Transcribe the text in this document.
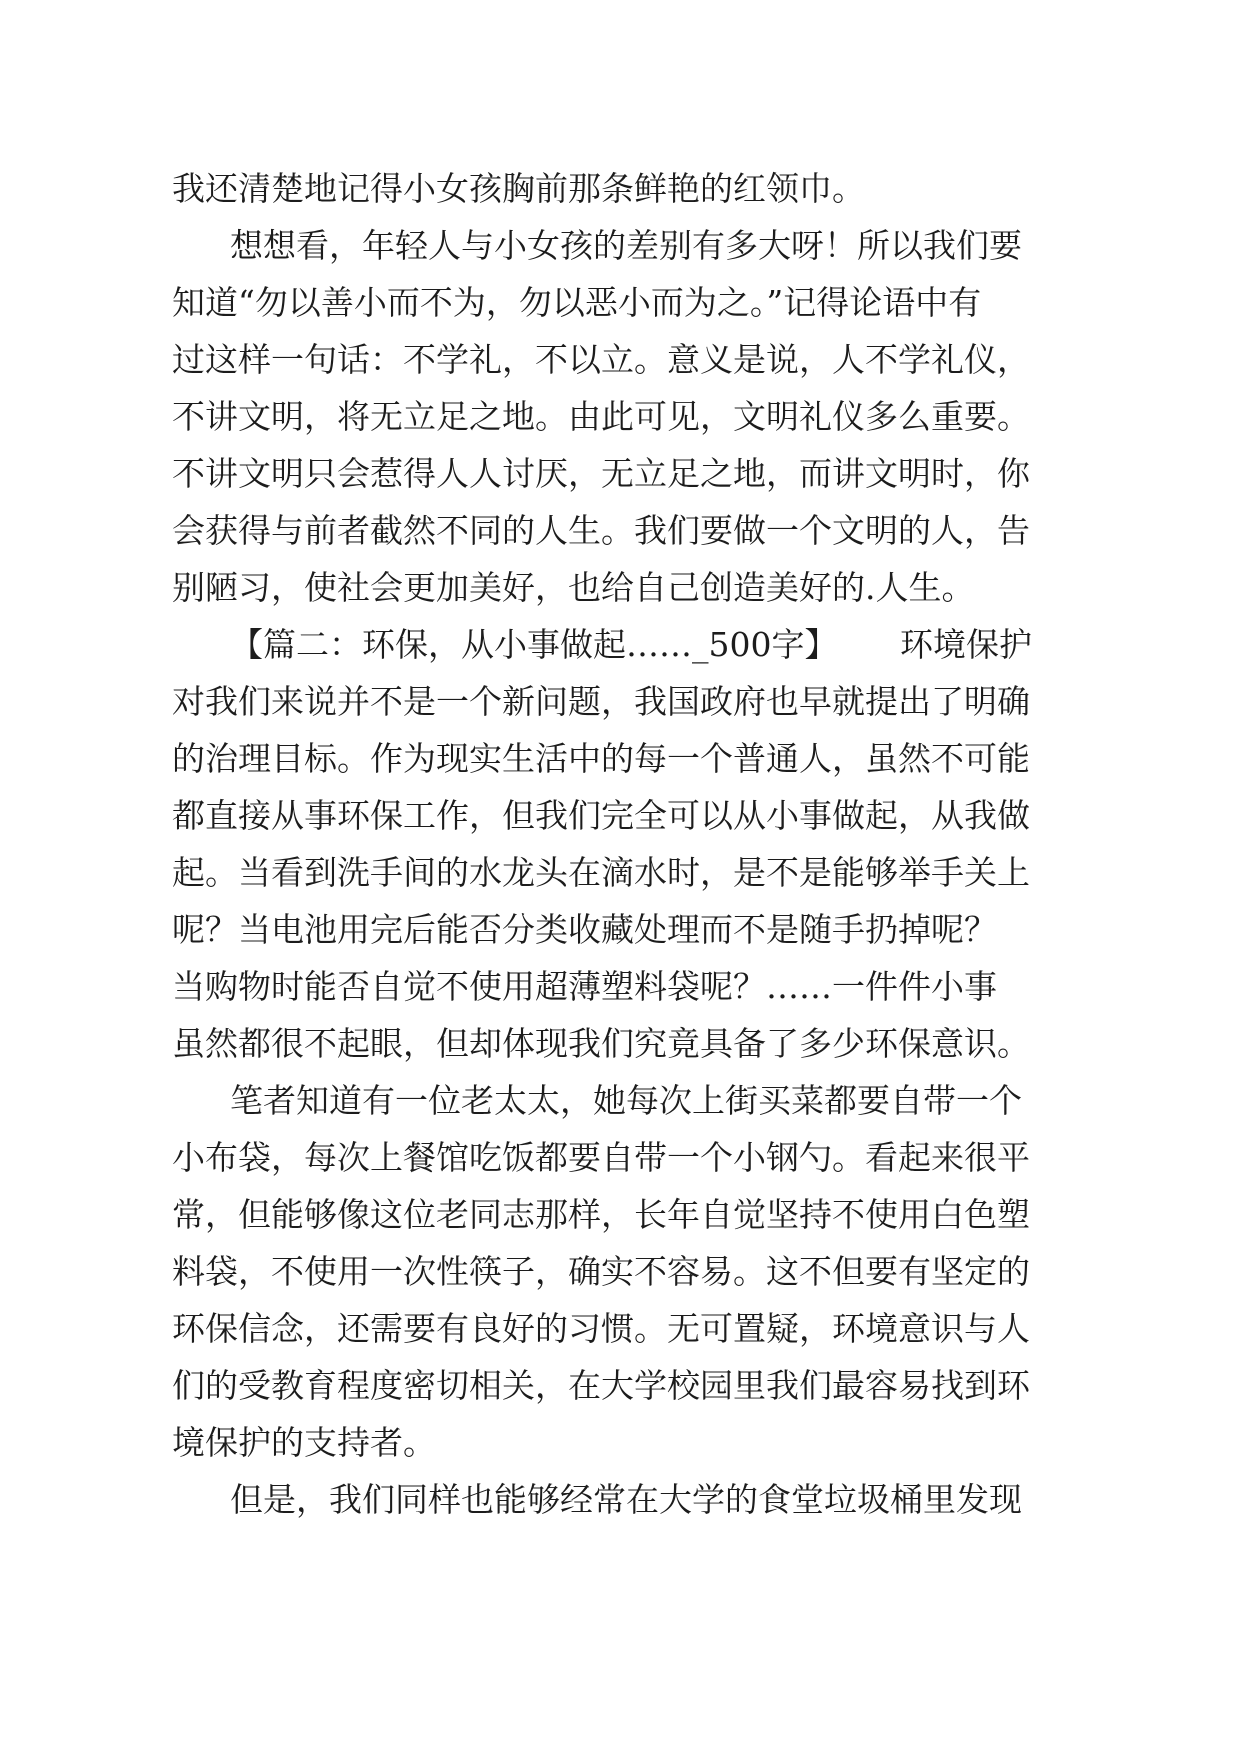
我还清楚地记得小女孩胸前那条鲜艳的红领巾。
想想看，年轻人与小女孩的差别有多大呀！所以我们要
知道“勿以善小而不为，勿以恶小而为之。”记得论语中有
过这样一句话：不学礼，不以立。意义是说，人不学礼仪，
不讲文明，将无立足之地。由此可见，文明礼仪多么重要。
不讲文明只会惹得人人讨厌，无立足之地，而讲文明时，你
会获得与前者截然不同的人生。我们要做一个文明的人，告
别陋习，使社会更加美好，也给自己创造美好的.人生。
【篇二：环保，从小事做起……_500字】 环境保护
对我们来说并不是一个新问题，我国政府也早就提出了明确
的治理目标。作为现实生活中的每一个普通人，虽然不可能
都直接从事环保工作，但我们完全可以从小事做起，从我做
起。当看到洗手间的水龙头在滴水时，是不是能够举手关上
呢？当电池用完后能否分类收藏处理而不是随手扔掉呢？
当购物时能否自觉不使用超薄塑料袋呢？……一件件小事
虽然都很不起眼，但却体现我们究竟具备了多少环保意识。
笔者知道有一位老太太，她每次上街买菜都要自带一个
小布袋，每次上餐馆吃饭都要自带一个小钢勺。看起来很平
常，但能够像这位老同志那样，长年自觉坚持不使用白色塑
料袋，不使用一次性筷子，确实不容易。这不但要有坚定的
环保信念，还需要有良好的习惯。无可置疑，环境意识与人
们的受教育程度密切相关，在大学校园里我们最容易找到环
境保护的支持者。
但是，我们同样也能够经常在大学的食堂垃圾桶里发现
